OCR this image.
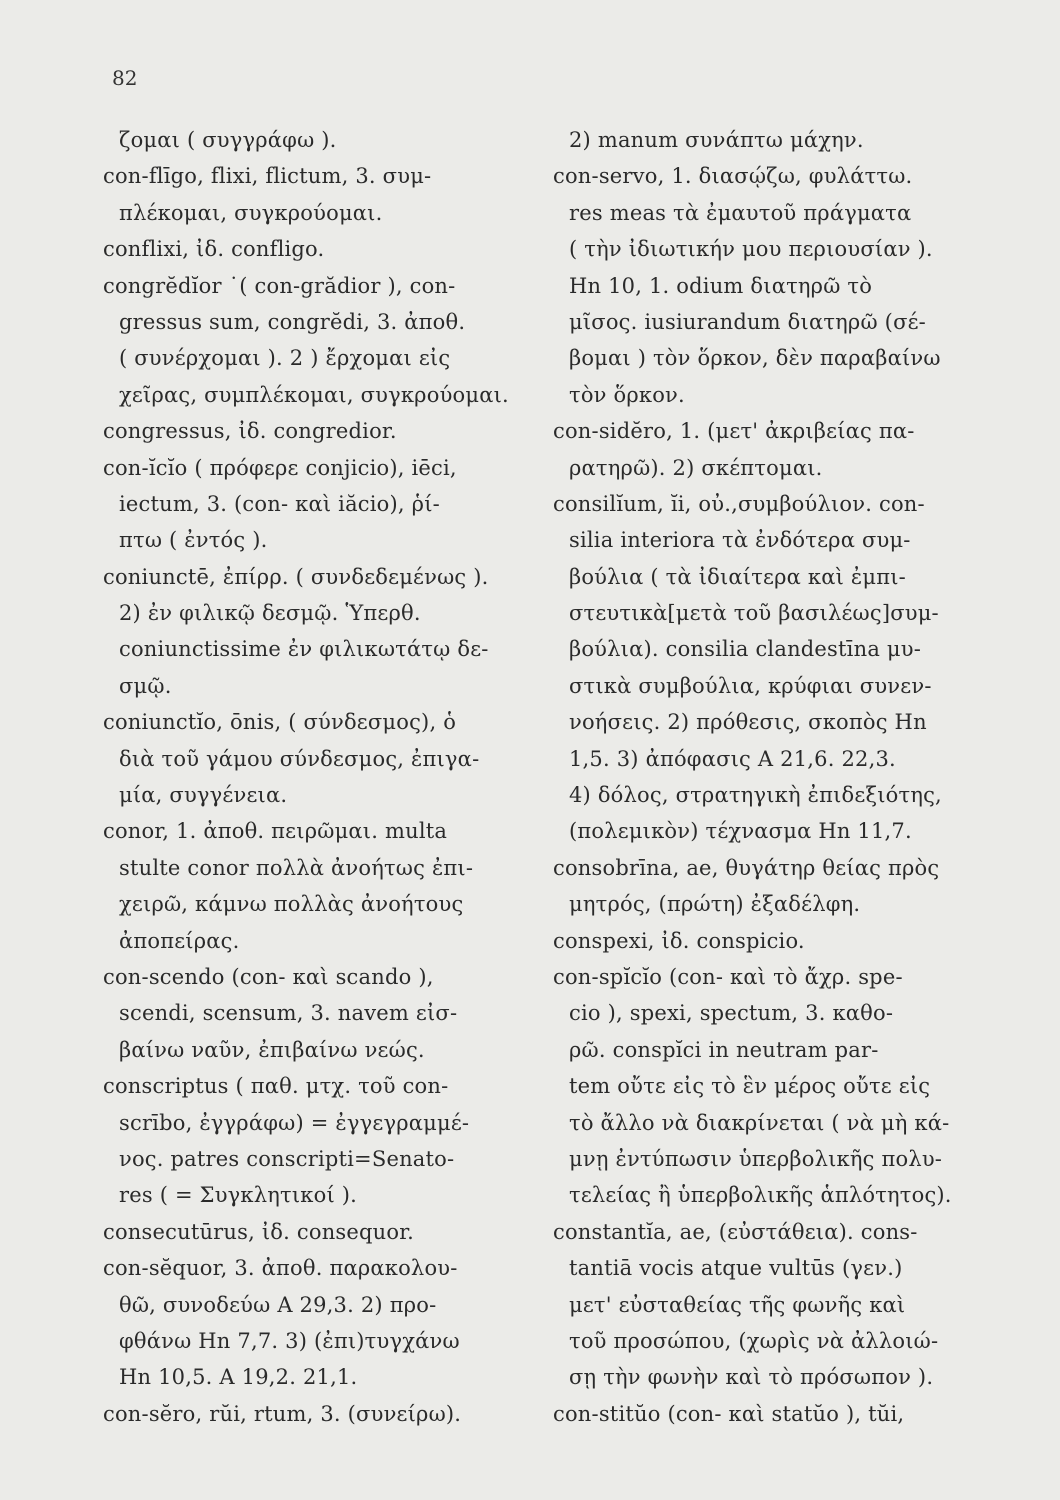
82
ζομαι ( συγγράφω ).
con-flīgo, flixi, flictum, 3. συμ-
πλέκομαι, συγκρούομαι.
conflixi, ἰδ. confligo.
congrĕdĭor ˙( con-grădior ), con-
gressus sum, congrĕdi, 3. ἀποθ.
( συνέρχομαι ). 2 ) ἔρχομαι εἰς
χεῖρας, συμπλέκομαι, συγκρούομαι.
congressus, ἰδ. congredior.
con-ĭcĭo ( πρόφερε conjicio), iēci,
iectum, 3. (con- καὶ iăcio), ῥί-
πτω ( ἐντός ).
coniunctē, ἐπίρρ. ( συνδεδεμένως ).
2) ἐν φιλικῷ δεσμῷ. Ὑπερθ.
coniunctissime ἐν φιλικωτάτῳ δε-
σμῷ.
coniunctĭo, ōnis, ( σύνδεσμος), ὁ
διὰ τοῦ γάμου σύνδεσμος, ἐπιγα-
μία, συγγένεια.
conor, 1. ἀποθ. πειρῶμαι. multa
stulte conor πολλὰ ἀνοήτως ἐπι-
χειρῶ, κάμνω πολλὰς ἀνοήτους
ἀποπείρας.
con-scendo (con- καὶ scando ),
scendi, scensum, 3. navem εἰσ-
βαίνω ναῦν, ἐπιβαίνω νεώς.
conscriptus ( παθ. μτχ. τοῦ con-
scrībo, ἐγγράφω) = ἐγγεγραμμέ-
νος. patres conscripti=Senato-
res ( = Συγκλητικοί ).
consecutūrus, ἰδ. consequor.
con-sĕquor, 3. ἀποθ. παρακολου-
θῶ, συνοδεύω A 29,3. 2) προ-
φθάνω Hn 7,7. 3) (ἐπι)τυγχάνω
Hn 10,5. A 19,2. 21,1.
con-sĕro, rŭi, rtum, 3. (συνείρω).
2) manum συνάπτω μάχην.
con-servo, 1. διασῴζω, φυλάττω.
res meas τὰ ἐμαυτοῦ πράγματα
( τὴν ἰδιωτικήν μου περιουσίαν ).
Hn 10, 1. odium διατηρῶ τὸ
μῖσος. iusiurandum διατηρῶ (σέ-
βομαι ) τὸν ὅρκον, δὲν παραβαίνω
τὸν ὅρκον.
con-sidĕro, 1. (μετ' ἀκριβείας πα-
ρατηρῶ). 2) σκέπτομαι.
consilĭum, ĭi, οὐ.,συμβούλιον. con-
silia interiora τὰ ἐνδότερα συμ-
βούλια ( τὰ ἰδιαίτερα καὶ ἐμπι-
στευτικὰ[μετὰ τοῦ βασιλέως]συμ-
βούλια). consilia clandestīna μυ-
στικὰ συμβούλια, κρύφιαι συνεν-
νοήσεις. 2) πρόθεσις, σκοπὸς Hn
1,5. 3) ἀπόφασις A 21,6. 22,3.
4) δόλος, στρατηγικὴ ἐπιδεξιότης,
(πολεμικὸν) τέχνασμα Hn 11,7.
consobrīna, ae, θυγάτηρ θείας πρὸς
μητρός, (πρώτη) ἐξαδέλφη.
conspexi, ἰδ. conspicio.
con-spĭcĭo (con- καὶ τὸ ἄχρ. spe-
cio ), spexi, spectum, 3. καθο-
ρῶ. conspĭci in neutram par-
tem οὔτε εἰς τὸ ἓν μέρος οὔτε εἰς
τὸ ἄλλο νὰ διακρίνεται ( νὰ μὴ κά-
μνῃ ἐντύπωσιν ὑπερβολικῆς πολυ-
τελείας ἢ ὑπερβολικῆς ἁπλότητος).
constantĭa, ae, (εὐστάθεια). cons-
tantiā vocis atque vultūs (γεν.)
μετ' εὐσταθείας τῆς φωνῆς καὶ
τοῦ προσώπου, (χωρὶς νὰ ἀλλοιώ-
σῃ τὴν φωνὴν καὶ τὸ πρόσωπον ).
con-stitŭo (con- καὶ statŭo ), tŭi,
